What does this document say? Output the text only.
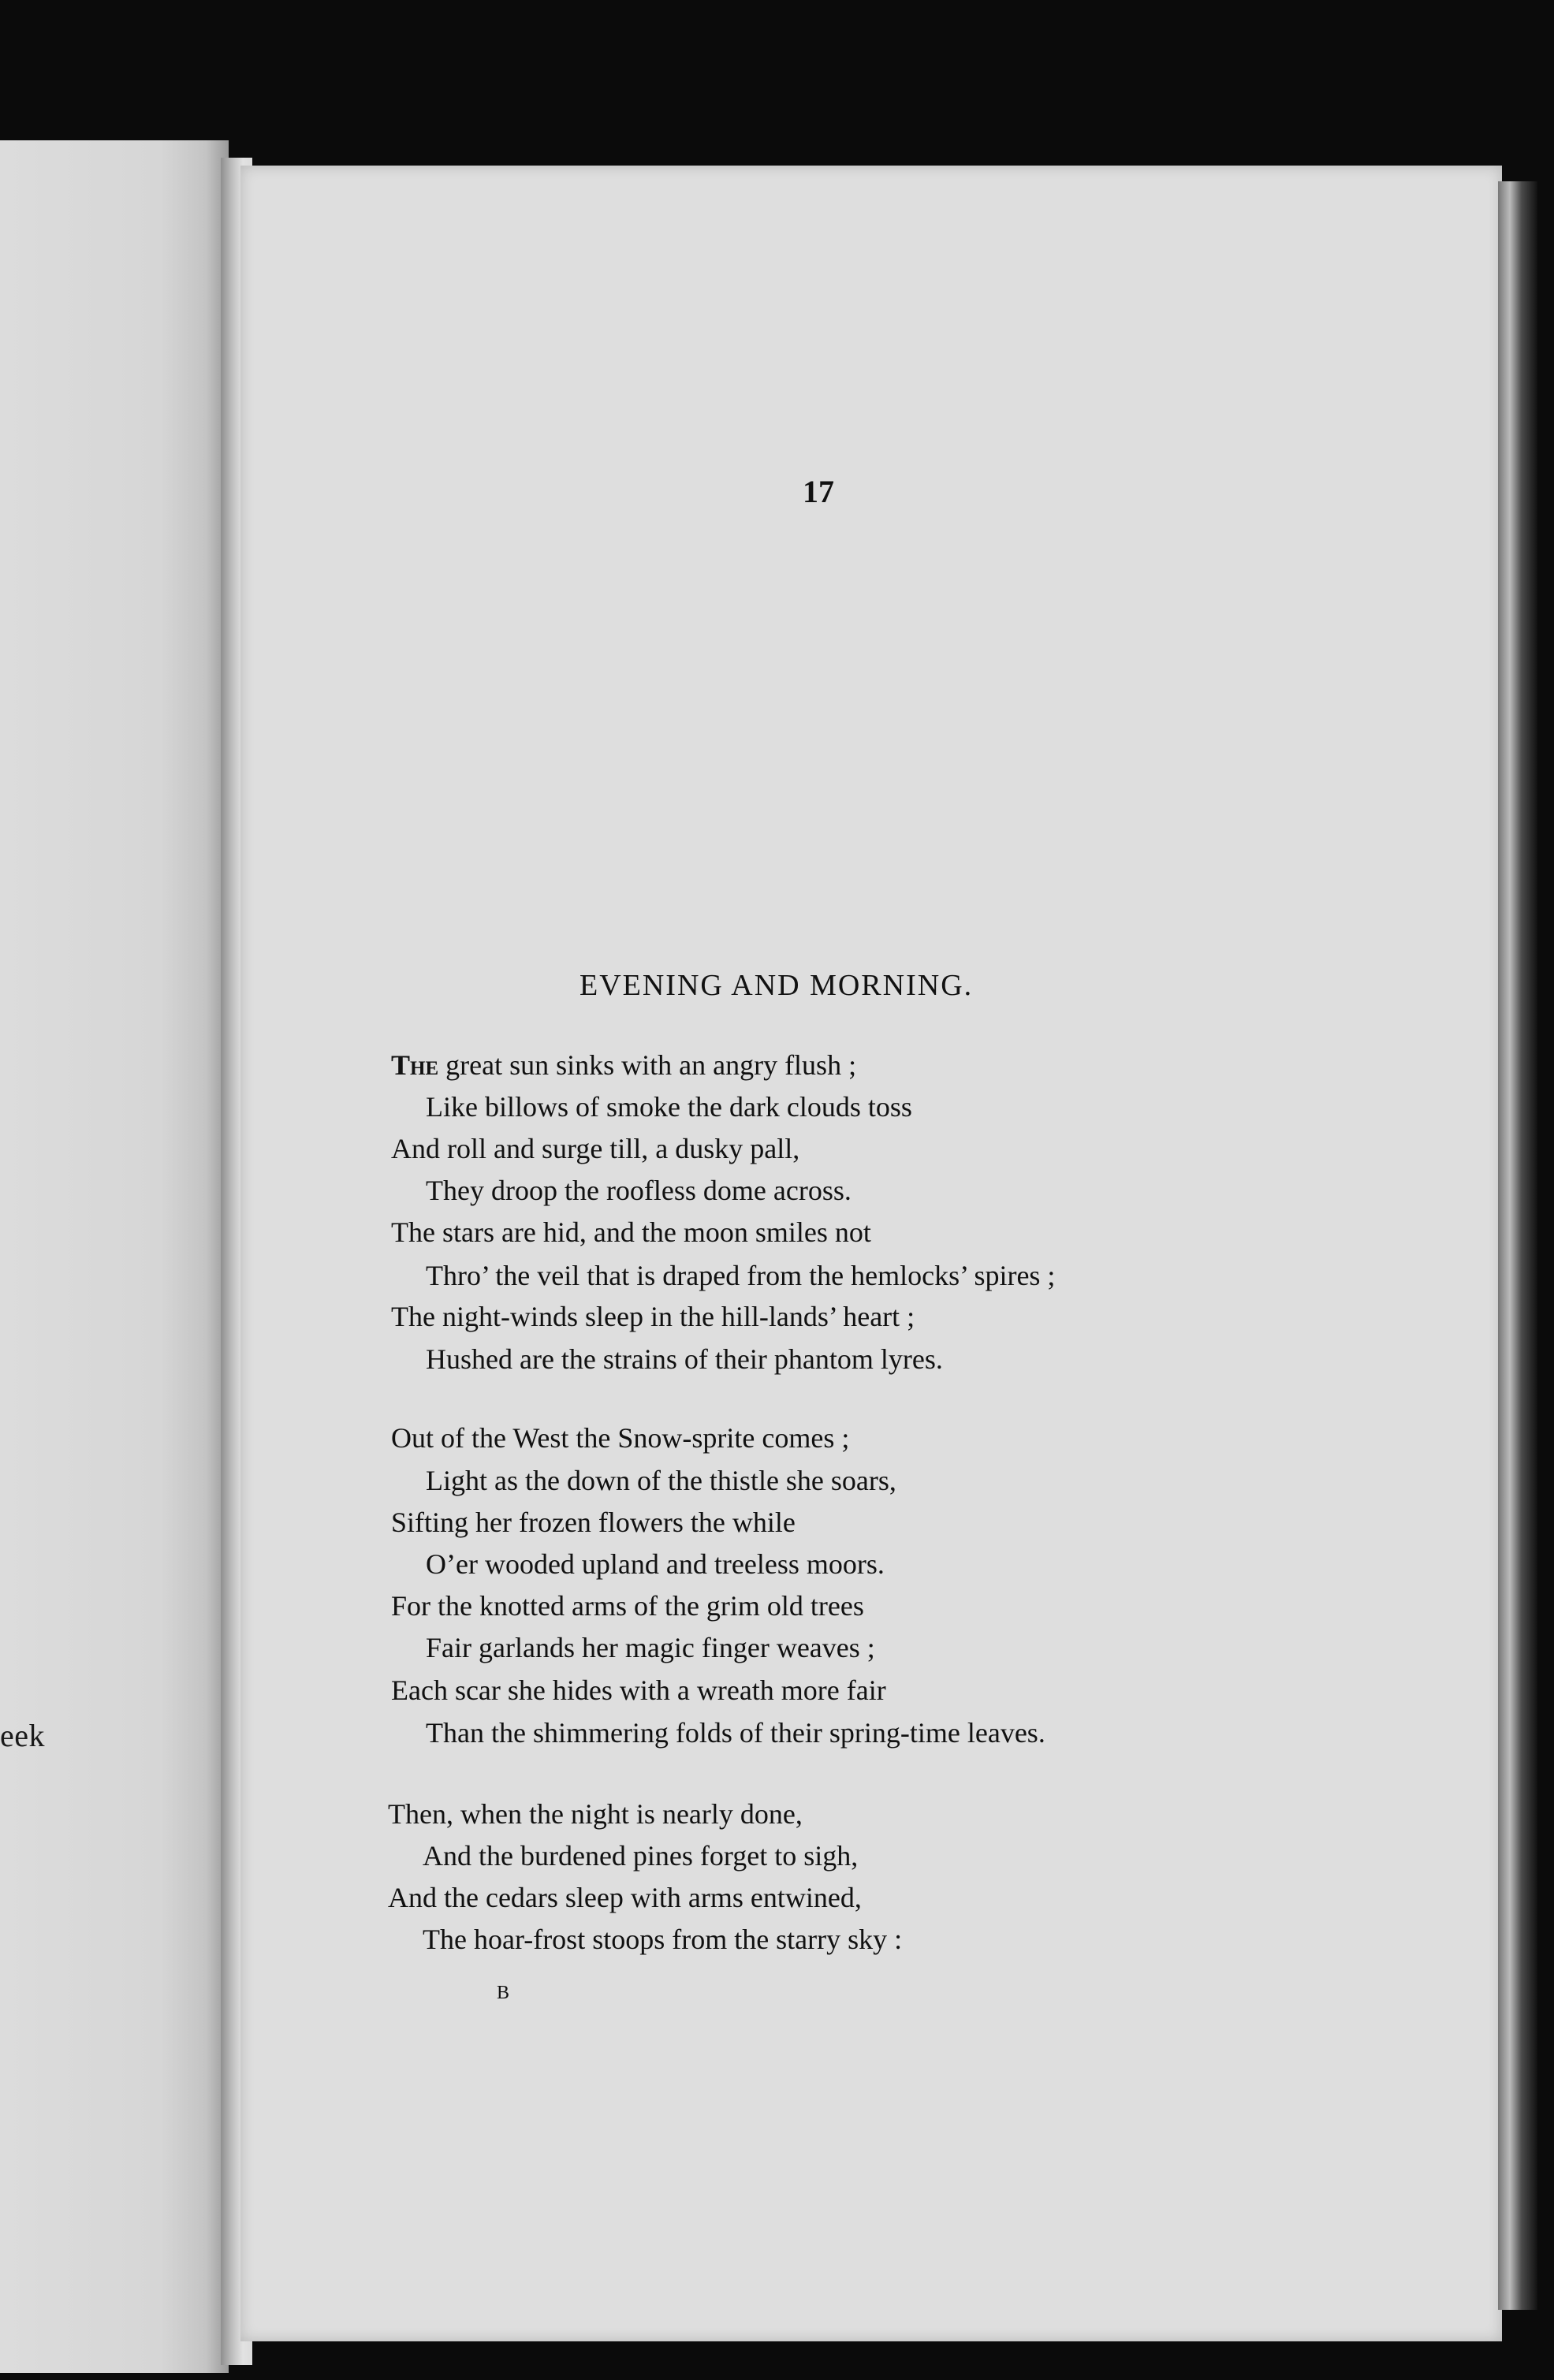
eek
17
EVENING AND MORNING.
The great sun sinks with an angry flush ;
Like billows of smoke the dark clouds toss
And roll and surge till, a dusky pall,
They droop the roofless dome across.
The stars are hid, and the moon smiles not
Thro’ the veil that is draped from the hemlocks’ spires ;
The night-winds sleep in the hill-lands’ heart ;
Hushed are the strains of their phantom lyres.
Out of the West the Snow-sprite comes ;
Light as the down of the thistle she soars,
Sifting her frozen flowers the while
O’er wooded upland and treeless moors.
For the knotted arms of the grim old trees
Fair garlands her magic finger weaves ;
Each scar she hides with a wreath more fair
Than the shimmering folds of their spring-time leaves.
Then, when the night is nearly done,
And the burdened pines forget to sigh,
And the cedars sleep with arms entwined,
The hoar-frost stoops from the starry sky :
B
